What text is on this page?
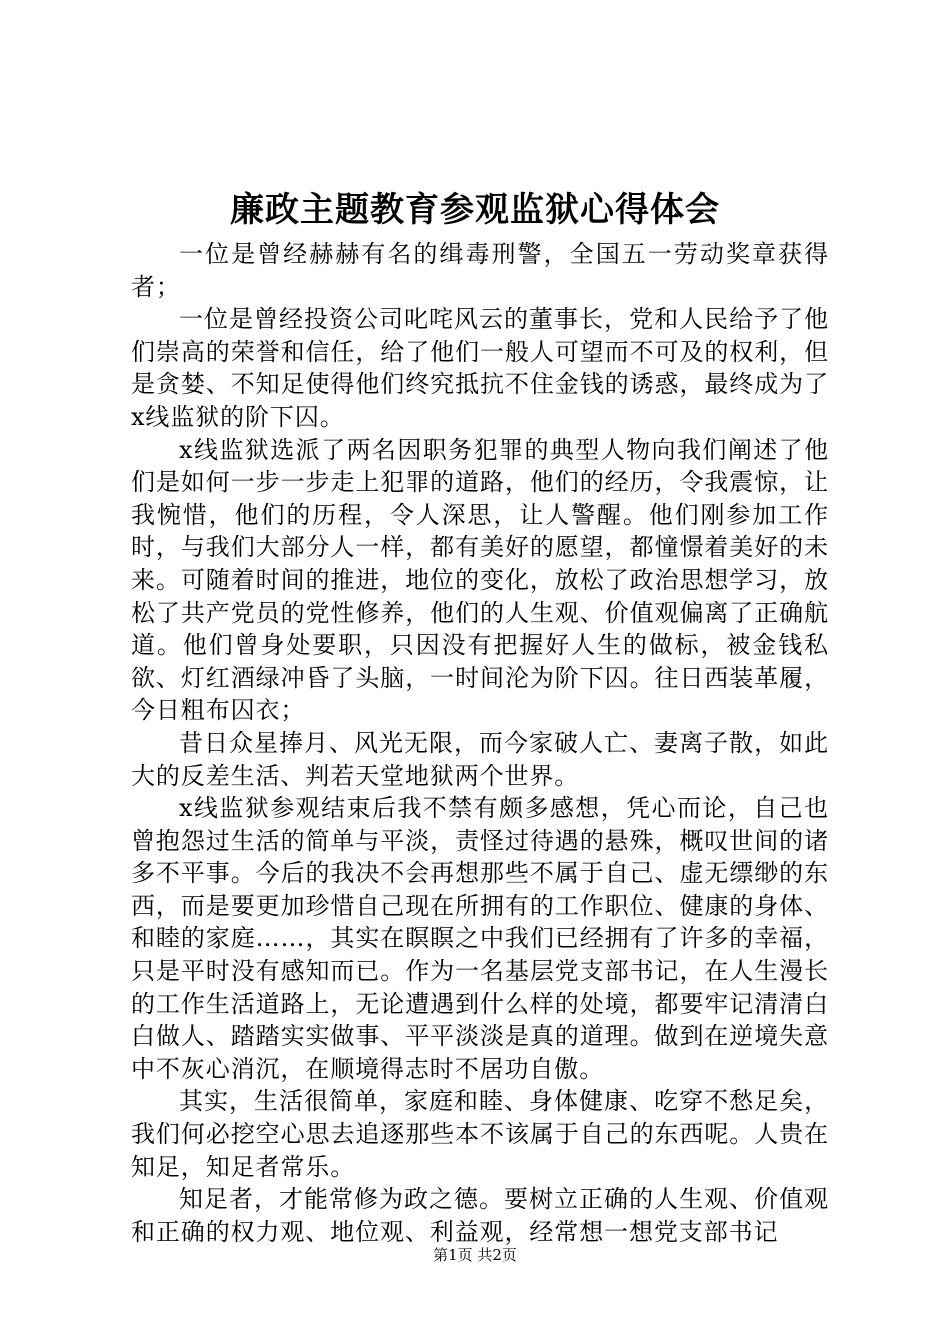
廉政主题教育参观监狱心得体会

一位是曾经赫赫有名的缉毒刑警，全国五一劳动奖章获得者；

一位是曾经投资公司叱咤风云的董事长，党和人民给予了他们崇高的荣誉和信任，给了他们一般人可望而不可及的权利，但是贪婪、不知足使得他们终究抵抗不住金钱的诱惑，最终成为了x线监狱的阶下囚。

x线监狱选派了两名因职务犯罪的典型人物向我们阐述了他们是如何一步一步走上犯罪的道路，他们的经历，令我震惊，让我惋惜，他们的历程，令人深思，让人警醒。他们刚参加工作时，与我们大部分人一样，都有美好的愿望，都憧憬着美好的未来。可随着时间的推进，地位的变化，放松了政治思想学习，放松了共产党员的党性修养，他们的人生观、价值观偏离了正确航道。他们曾身处要职，只因没有把握好人生的做标，被金钱私欲、灯红酒绿冲昏了头脑，一时间沦为阶下囚。往日西装革履，今日粗布囚衣；

昔日众星捧月、风光无限，而今家破人亡、妻离子散，如此大的反差生活、判若天堂地狱两个世界。

x线监狱参观结束后我不禁有颇多感想，凭心而论，自己也曾抱怨过生活的简单与平淡，责怪过待遇的悬殊，概叹世间的诸多不平事。今后的我决不会再想那些不属于自己、虚无缥缈的东西，而是要更加珍惜自己现在所拥有的工作职位、健康的身体、和睦的家庭……，其实在瞑瞑之中我们已经拥有了许多的幸福，只是平时没有感知而已。作为一名基层党支部书记，在人生漫长的工作生活道路上，无论遭遇到什么样的处境，都要牢记清清白白做人、踏踏实实做事、平平淡淡是真的道理。做到在逆境失意中不灰心消沉，在顺境得志时不居功自傲。

其实，生活很简单，家庭和睦、身体健康、吃穿不愁足矣，我们何必挖空心思去追逐那些本不该属于自己的东西呢。人贵在知足，知足者常乐。

知足者，才能常修为政之德。要树立正确的人生观、价值观和正确的权力观、地位观、利益观，经常想一想党支部书记

第1页 共2页
